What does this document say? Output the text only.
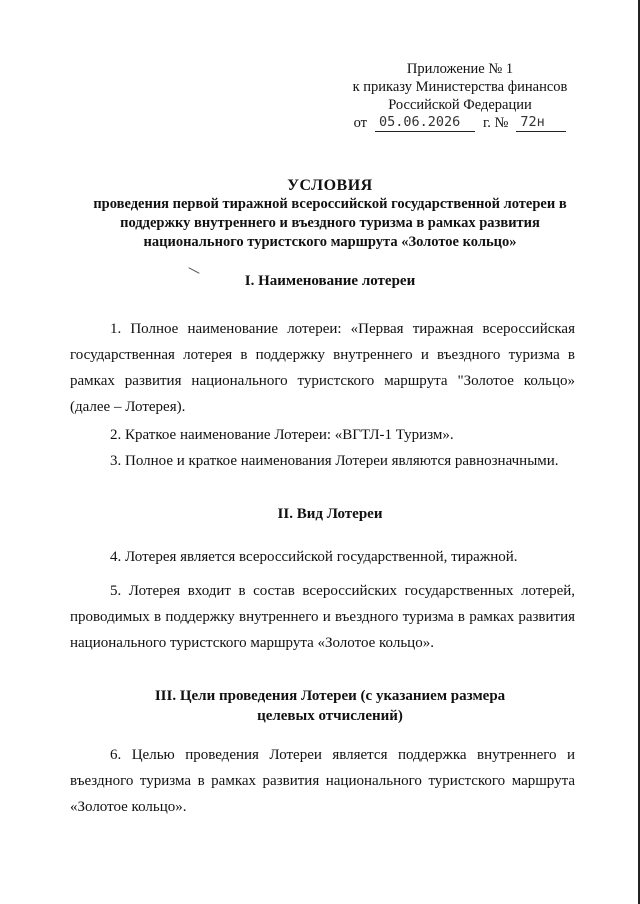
Приложение № 1
к приказу Министерства финансов
Российской Федерации
от 05.06.2026	г. № 72н
УСЛОВИЯ
проведения первой тиражной всероссийской государственной лотереи в поддержку внутреннего и въездного туризма в рамках развития национального туристского маршрута «Золотое кольцо»
I. Наименование лотереи
1. Полное наименование лотереи: «Первая тиражная всероссийская государственная лотерея в поддержку внутреннего и въездного туризма в рамках развития национального туристского маршрута "Золотое кольцо» (далее – Лотерея).
2. Краткое наименование Лотереи: «ВГТЛ-1 Туризм».
3. Полное и краткое наименования Лотереи являются равнозначными.
II. Вид Лотереи
4. Лотерея является всероссийской государственной, тиражной.
5. Лотерея входит в состав всероссийских государственных лотерей, проводимых в поддержку внутреннего и въездного туризма в рамках развития национального туристского маршрута «Золотое кольцо».
III. Цели проведения Лотереи (с указанием размера целевых отчислений)
6. Целью проведения Лотереи является поддержка внутреннего и въездного туризма в рамках развития национального туристского маршрута «Золотое кольцо».
